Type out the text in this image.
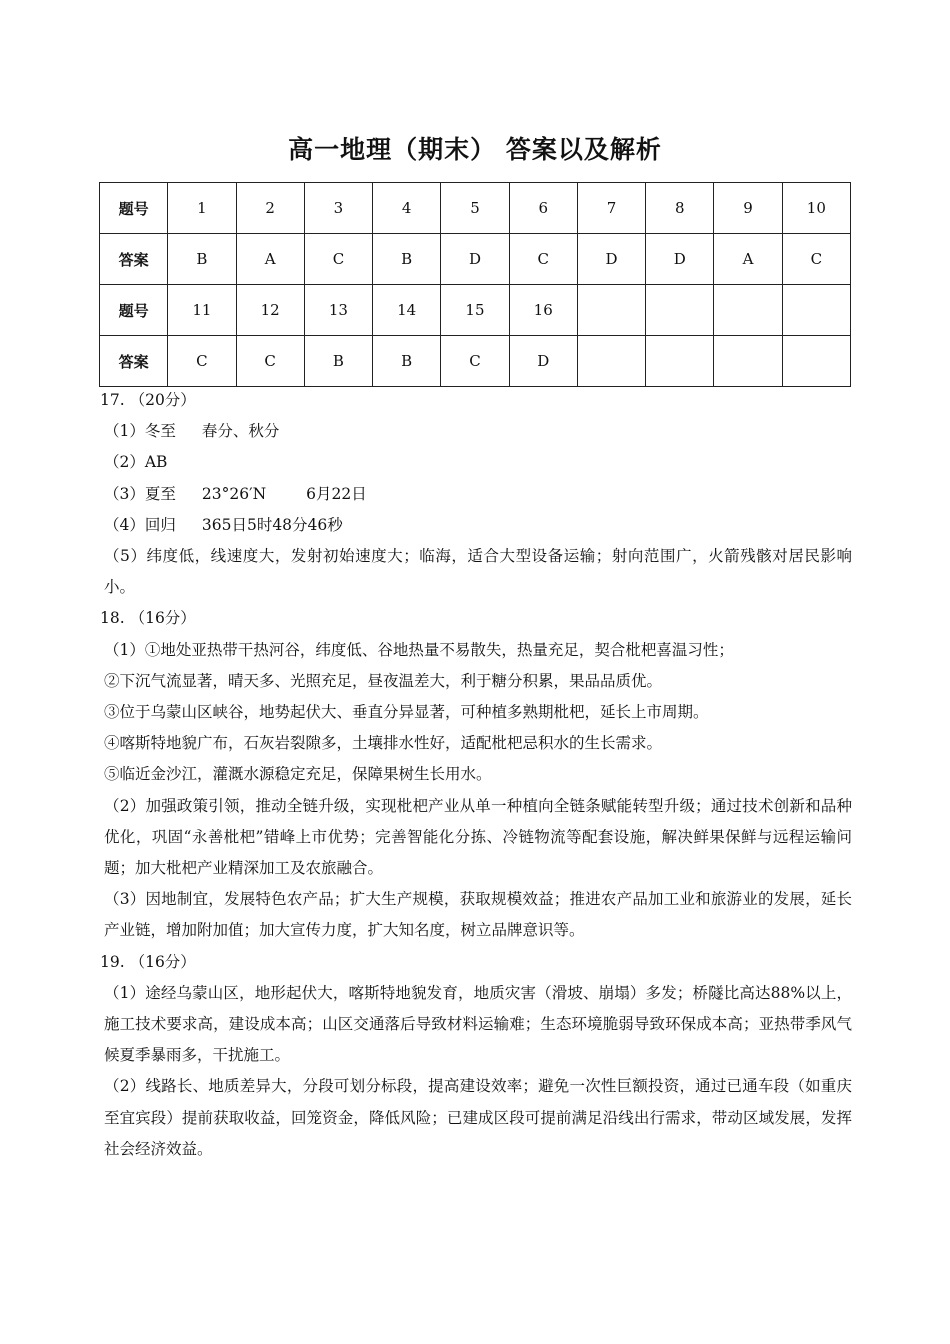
高一地理（期末） 答案以及解析
题号	1	2	3	4	5	6	7	8	9	10
答案	B	A	C	B	D	C	D	D	A	C
题号	11	12	13	14	15	16				
答案	C	C	B	B	C	D				

17. （20分）

（1）冬至 春分、秋分

（2）AB

（3）夏至 23°26′N	6月22日

（4）回归 365日5时48分46秒

（5）纬度低，线速度大，发射初始速度大；临海，适合大型设备运输；射向范围广，火箭残骸对居民影响小。

18. （16分）

（1）①地处亚热带干热河谷，纬度低、谷地热量不易散失，热量充足，契合枇杷喜温习性；

②下沉气流显著，晴天多、光照充足，昼夜温差大，利于糖分积累，果品品质优。

③位于乌蒙山区峡谷，地势起伏大、垂直分异显著，可种植多熟期枇杷，延长上市周期。

④喀斯特地貌广布，石灰岩裂隙多，土壤排水性好，适配枇杷忌积水的生长需求。

⑤临近金沙江，灌溉水源稳定充足，保障果树生长用水。

（2）加强政策引领，推动全链升级，实现枇杷产业从单一种植向全链条赋能转型升级；通过技术创新和品种优化，巩固“永善枇杷”错峰上市优势；完善智能化分拣、冷链物流等配套设施，解决鲜果保鲜与远程运输问题；加大枇杷产业精深加工及农旅融合。

（3）因地制宜，发展特色农产品；扩大生产规模，获取规模效益；推进农产品加工业和旅游业的发展，延长产业链，增加附加值；加大宣传力度，扩大知名度，树立品牌意识等。

19. （16分）

（1）途经乌蒙山区，地形起伏大，喀斯特地貌发育，地质灾害（滑坡、崩塌）多发；桥隧比高达88%以上，施工技术要求高，建设成本高；山区交通落后导致材料运输难；生态环境脆弱导致环保成本高；亚热带季风气候夏季暴雨多，干扰施工。

（2）线路长、地质差异大，分段可划分标段，提高建设效率；避免一次性巨额投资，通过已通车段（如重庆至宜宾段）提前获取收益，回笼资金，降低风险；已建成区段可提前满足沿线出行需求，带动区域发展，发挥社会经济效益。
